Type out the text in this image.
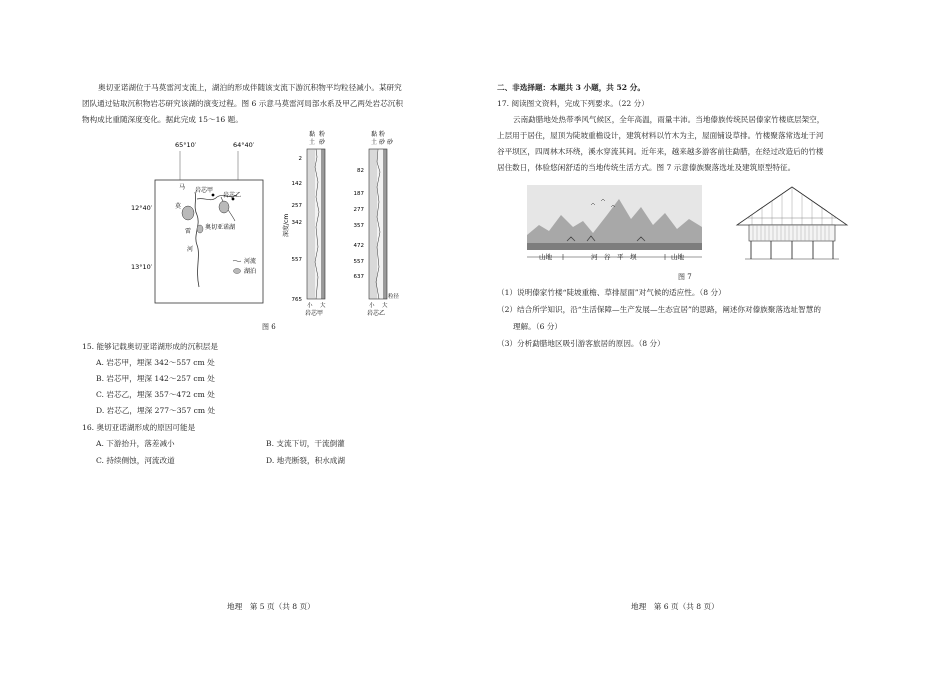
奥切亚诺湖位于马莫雷河支流上，湖泊的形成伴随该支流下游沉积物平均粒径减小。某研究
团队通过钻取沉积物岩芯研究该湖的演变过程。图 6 示意马莫雷河局部水系及甲乙两处岩芯沉积
物构成比重随深度变化。据此完成 15～16 题。
65°10′	64°40′
12°40′
13°10′
岩芯甲
岩芯乙
奥切亚诺湖
马
莫
雷
河
河流
湖泊
黏 粉
土 砂
黏 粉
土 砂 砂
深度/cm
2
142
257
342
557
765
小 大
岩芯甲
82
187
277
357
472
557
637
小 大
岩芯乙
粒径
图 6
15. 能够记载奥切亚诺湖形成的沉积层是
A. 岩芯甲，埋深 342～557 cm 处
B. 岩芯甲，埋深 142～257 cm 处
C. 岩芯乙，埋深 357～472 cm 处
D. 岩芯乙，埋深 277～357 cm 处
16. 奥切亚诺湖形成的原因可能是
A. 下游抬升，落差减小	B. 支流下切，干流倒灌
C. 持续侧蚀，河流改道	D. 地壳断裂，积水成湖
地理　第 5 页（共 8 页）
二、非选择题：本题共 3 小题，共 52 分。
17. 阅读图文资料，完成下列要求。（22 分）
云南勐腊地处热带季风气候区，全年高温，雨量丰沛。当地傣族传统民居傣家竹楼底层架空，
上层用于居住，屋顶为陡坡重檐设计，建筑材料以竹木为主，屋面铺设草排。竹楼聚落常选址于河
谷平坝区，四周林木环绕，溪水穿流其间。近年来，越来越多游客前往勐腊，在经过改造后的竹楼
居住数日，体验悠闲舒适的当地传统生活方式。图 7 示意傣族聚落选址及建筑原型特征。
山地	河　谷　平　坝	山地
图 7
（1）说明傣家竹楼“陡坡重檐、草排屋面”对气候的适应性。（8 分）
（2）结合所学知识，沿“生活保障—生产发展—生态宜居”的思路，阐述你对傣族聚落选址智慧的
理解。（6 分）
（3）分析勐腊地区吸引游客旅居的原因。（8 分）
地理　第 6 页（共 8 页）
